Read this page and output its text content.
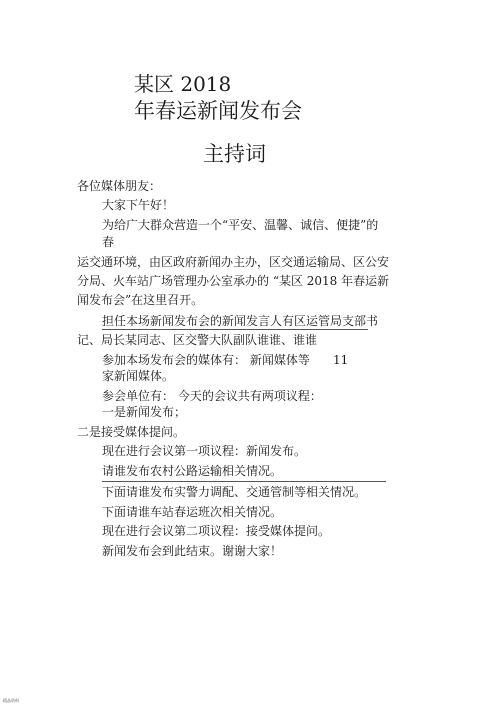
某区 2018
年春运新闻发布会
主持词
各位媒体朋友：
大家下午好！
为给广大群众营造一个“平安、温馨、诚信、便捷”的
春
运交通环境，由区政府新闻办主办，区交通运输局、区公安
分局、火车站广场管理办公室承办的 “某区 2018 年春运新
闻发布会”在这里召开。
担任本场新闻发布会的新闻发言人有区运管局支部书
记、局长某同志、区交警大队副队谁谁、谁谁
参加本场发布会的媒体有： 新闻媒体等 11
家新闻媒体。
参会单位有： 今天的会议共有两项议程：
一是新闻发布；
二是接受媒体提问。
现在进行会议第一项议程：新闻发布。
请谁发布农村公路运输相关情况。
下面请谁发布实警力调配、交通管制等相关情况。
下面请谁车站春运班次相关情况。
现在进行会议第二项议程：接受媒体提问。
新闻发布会到此结束。谢谢大家！
精品资料
